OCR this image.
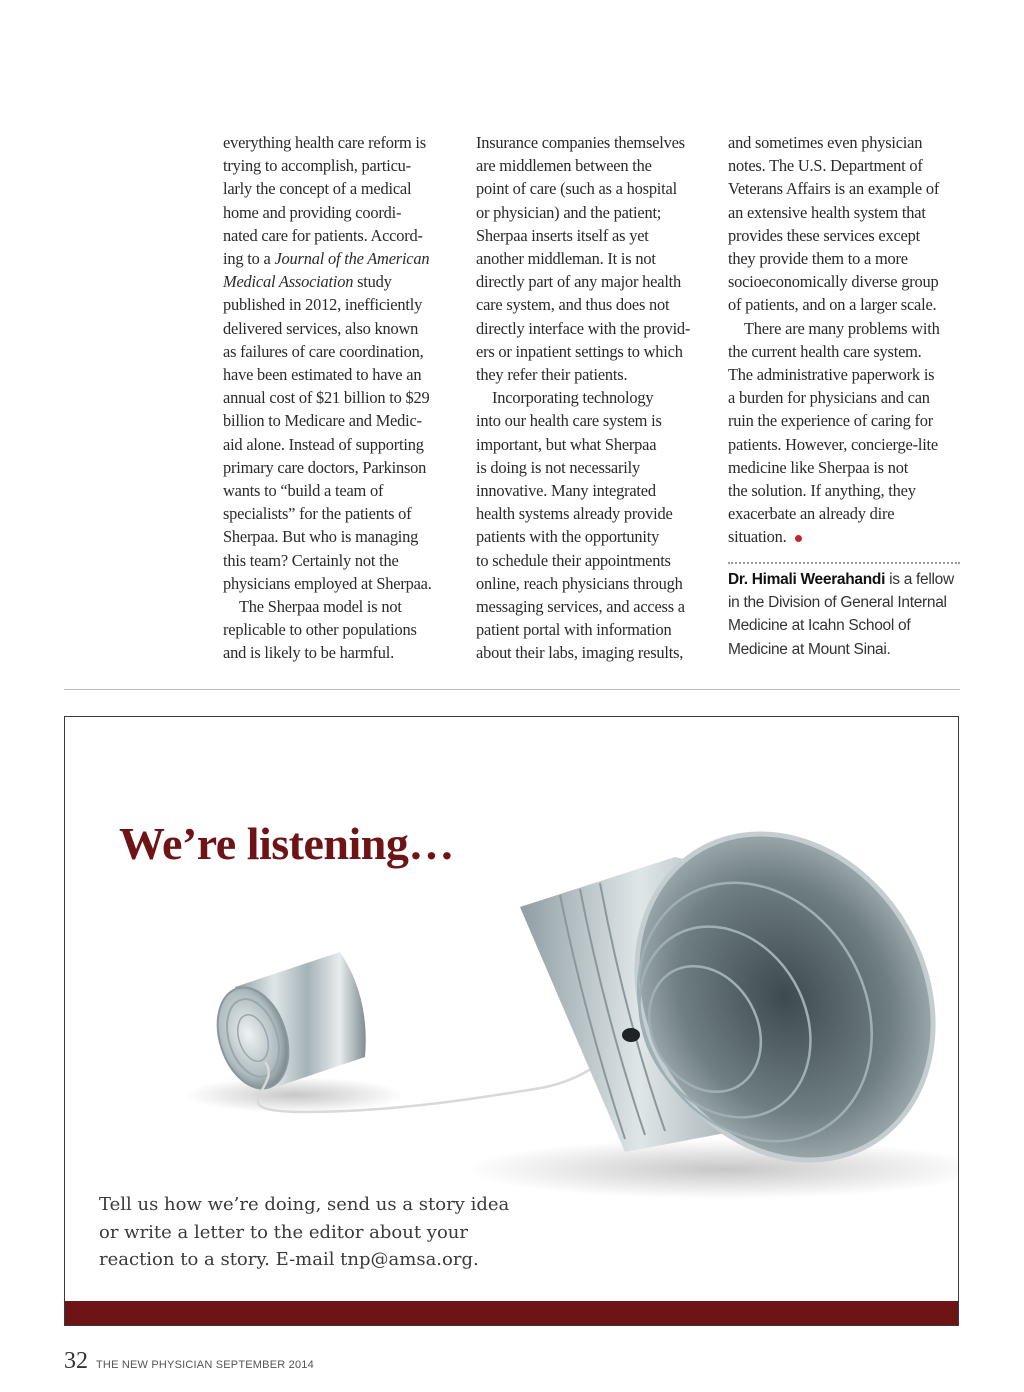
everything health care reform is

trying to accomplish, particu-

larly the concept of a medical

home and providing coordi-

nated care for patients. Accord-

ing to a Journal of the American

Medical Association study

published in 2012, inefficiently

delivered services, also known

as failures of care coordination,

have been estimated to have an

annual cost of $21 billion to $29

billion to Medicare and Medic-

aid alone. Instead of supporting

primary care doctors, Parkinson

wants to “build a team of

specialists” for the patients of

Sherpaa. But who is managing

this team? Certainly not the

physicians employed at Sherpaa.

The Sherpaa model is not

replicable to other populations

and is likely to be harmful.

Insurance companies themselves

are middlemen between the

point of care (such as a hospital

or physician) and the patient;

Sherpaa inserts itself as yet

another middleman. It is not

directly part of any major health

care system, and thus does not

directly interface with the provid-

ers or inpatient settings to which

they refer their patients.

Incorporating technology

into our health care system is

important, but what Sherpaa

is doing is not necessarily

innovative. Many integrated

health systems already provide

patients with the opportunity

to schedule their appointments

online, reach physicians through

messaging services, and access a

patient portal with information

about their labs, imaging results,

and sometimes even physician

notes. The U.S. Department of

Veterans Affairs is an example of

an extensive health system that

provides these services except

they provide them to a more

socioeconomically diverse group

of patients, and on a larger scale.

There are many problems with

the current health care system.

The administrative paperwork is

a burden for physicians and can

ruin the experience of caring for

patients. However, concierge-lite

medicine like Sherpaa is not

the solution. If anything, they

exacerbate an already dire

situation.

Dr. Himali Weerahandi is a fellow

in the Division of General Internal

Medicine at Icahn School of

Medicine at Mount Sinai.

We’re listening…

Tell us how we’re doing, send us a story idea

or write a letter to the editor about your

reaction to a story. E-mail tnp@amsa.org.

32 THE NEW PHYSICIAN SEPTEMBER 2014
